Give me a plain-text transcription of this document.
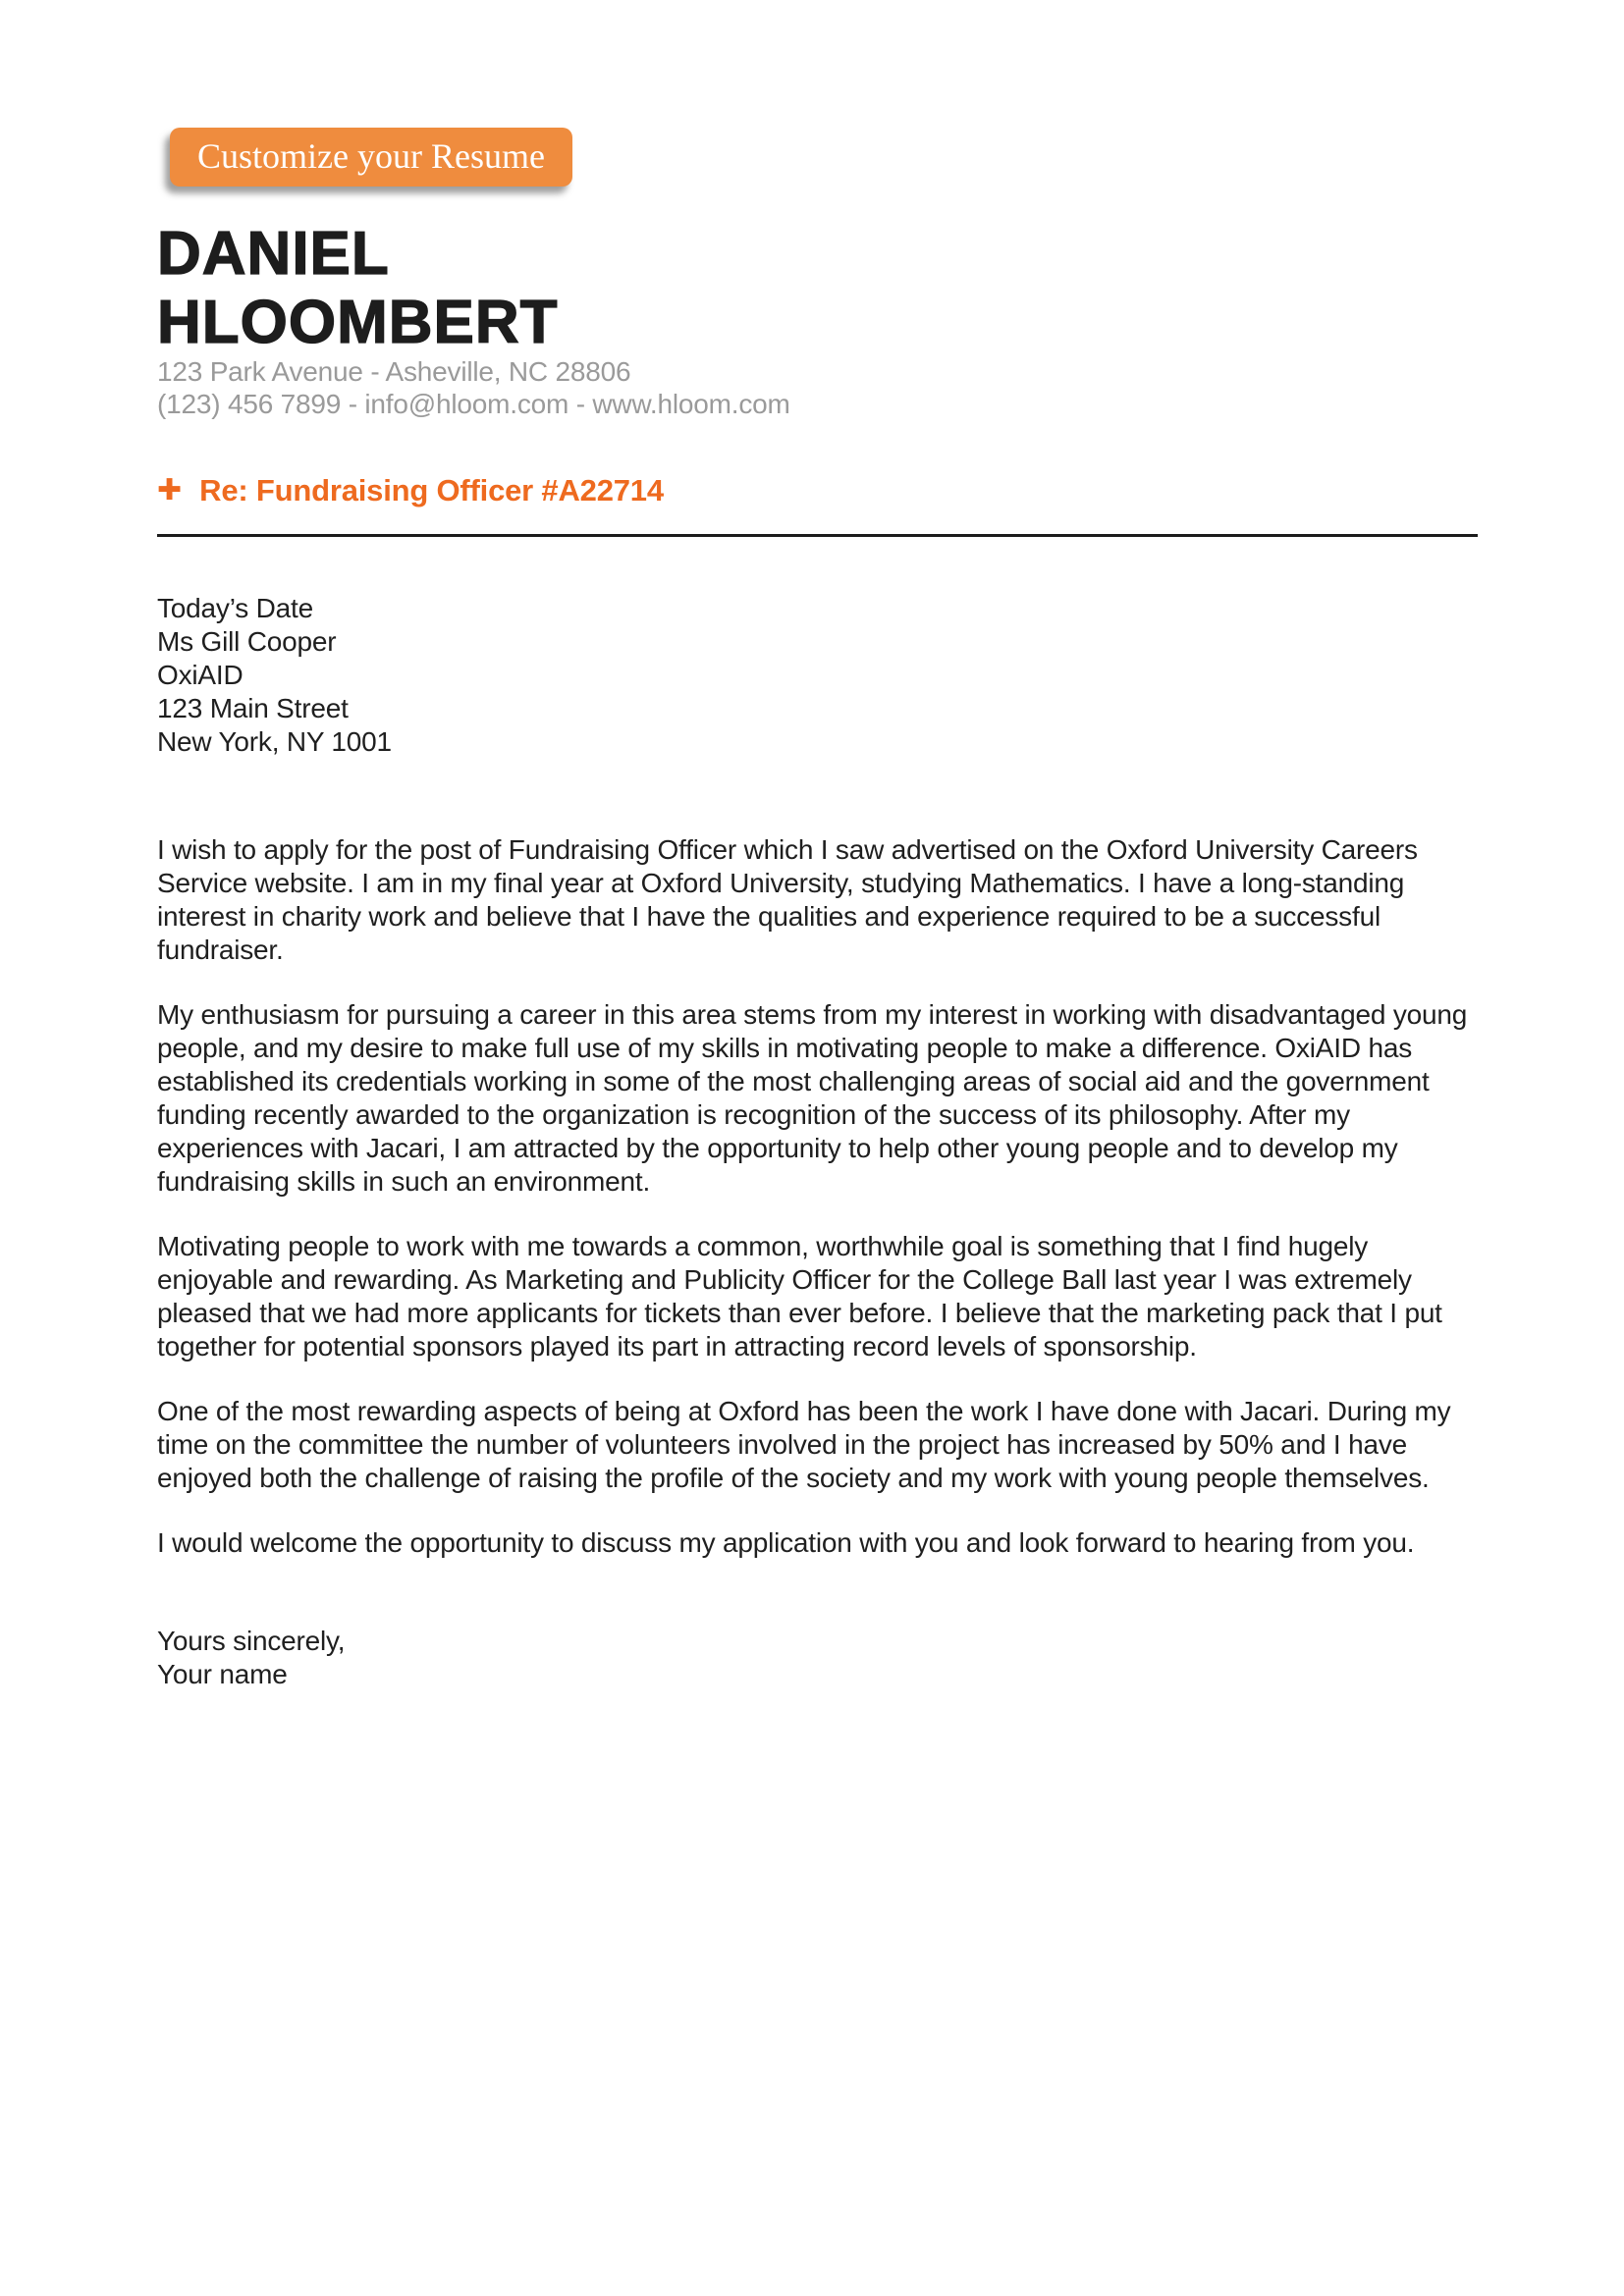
Customize your Resume
DANIEL
HLOOMBERT
123 Park Avenue - Asheville, NC 28806
(123) 456 7899 - info@hloom.com - www.hloom.com
✚ Re: Fundraising Officer #A22714
Today’s Date
Ms Gill Cooper
OxiAID
123 Main Street
New York, NY 1001

I wish to apply for the post of Fundraising Officer which I saw advertised on the Oxford University Careers Service website. I am in my final year at Oxford University, studying Mathematics. I have a long-standing interest in charity work and believe that I have the qualities and experience required to be a successful fundraiser.

My enthusiasm for pursuing a career in this area stems from my interest in working with disadvantaged young people, and my desire to make full use of my skills in motivating people to make a difference. OxiAID has established its credentials working in some of the most challenging areas of social aid and the government funding recently awarded to the organization is recognition of the success of its philosophy. After my experiences with Jacari, I am attracted by the opportunity to help other young people and to develop my fundraising skills in such an environment.

Motivating people to work with me towards a common, worthwhile goal is something that I find hugely enjoyable and rewarding. As Marketing and Publicity Officer for the College Ball last year I was extremely pleased that we had more applicants for tickets than ever before. I believe that the marketing pack that I put together for potential sponsors played its part in attracting record levels of sponsorship.

One of the most rewarding aspects of being at Oxford has been the work I have done with Jacari. During my time on the committee the number of volunteers involved in the project has increased by 50% and I have enjoyed both the challenge of raising the profile of the society and my work with young people themselves.

I would welcome the opportunity to discuss my application with you and look forward to hearing from you.

Yours sincerely,
Your name
